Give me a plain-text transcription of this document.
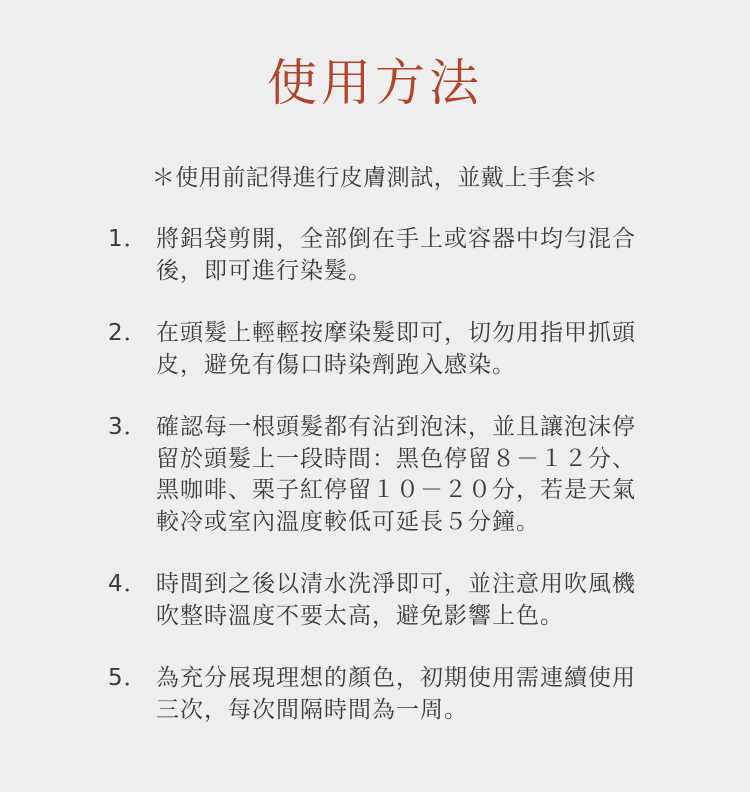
使用方法
＊使用前記得進行皮膚測試，並戴上手套＊
1． 將鋁袋剪開，全部倒在手上或容器中均勻混合後，即可進行染髮。
2． 在頭髮上輕輕按摩染髮即可，切勿用指甲抓頭皮，避免有傷口時染劑跑入感染。
3． 確認每一根頭髮都有沾到泡沫，並且讓泡沫停留於頭髮上一段時間：黑色停留８－１２分、黑咖啡、栗子紅停留１０－２０分，若是天氣較冷或室內溫度較低可延長５分鐘。
4． 時間到之後以清水洗淨即可，並注意用吹風機吹整時溫度不要太高，避免影響上色。
5． 為充分展現理想的顏色，初期使用需連續使用三次，每次間隔時間為一周。
